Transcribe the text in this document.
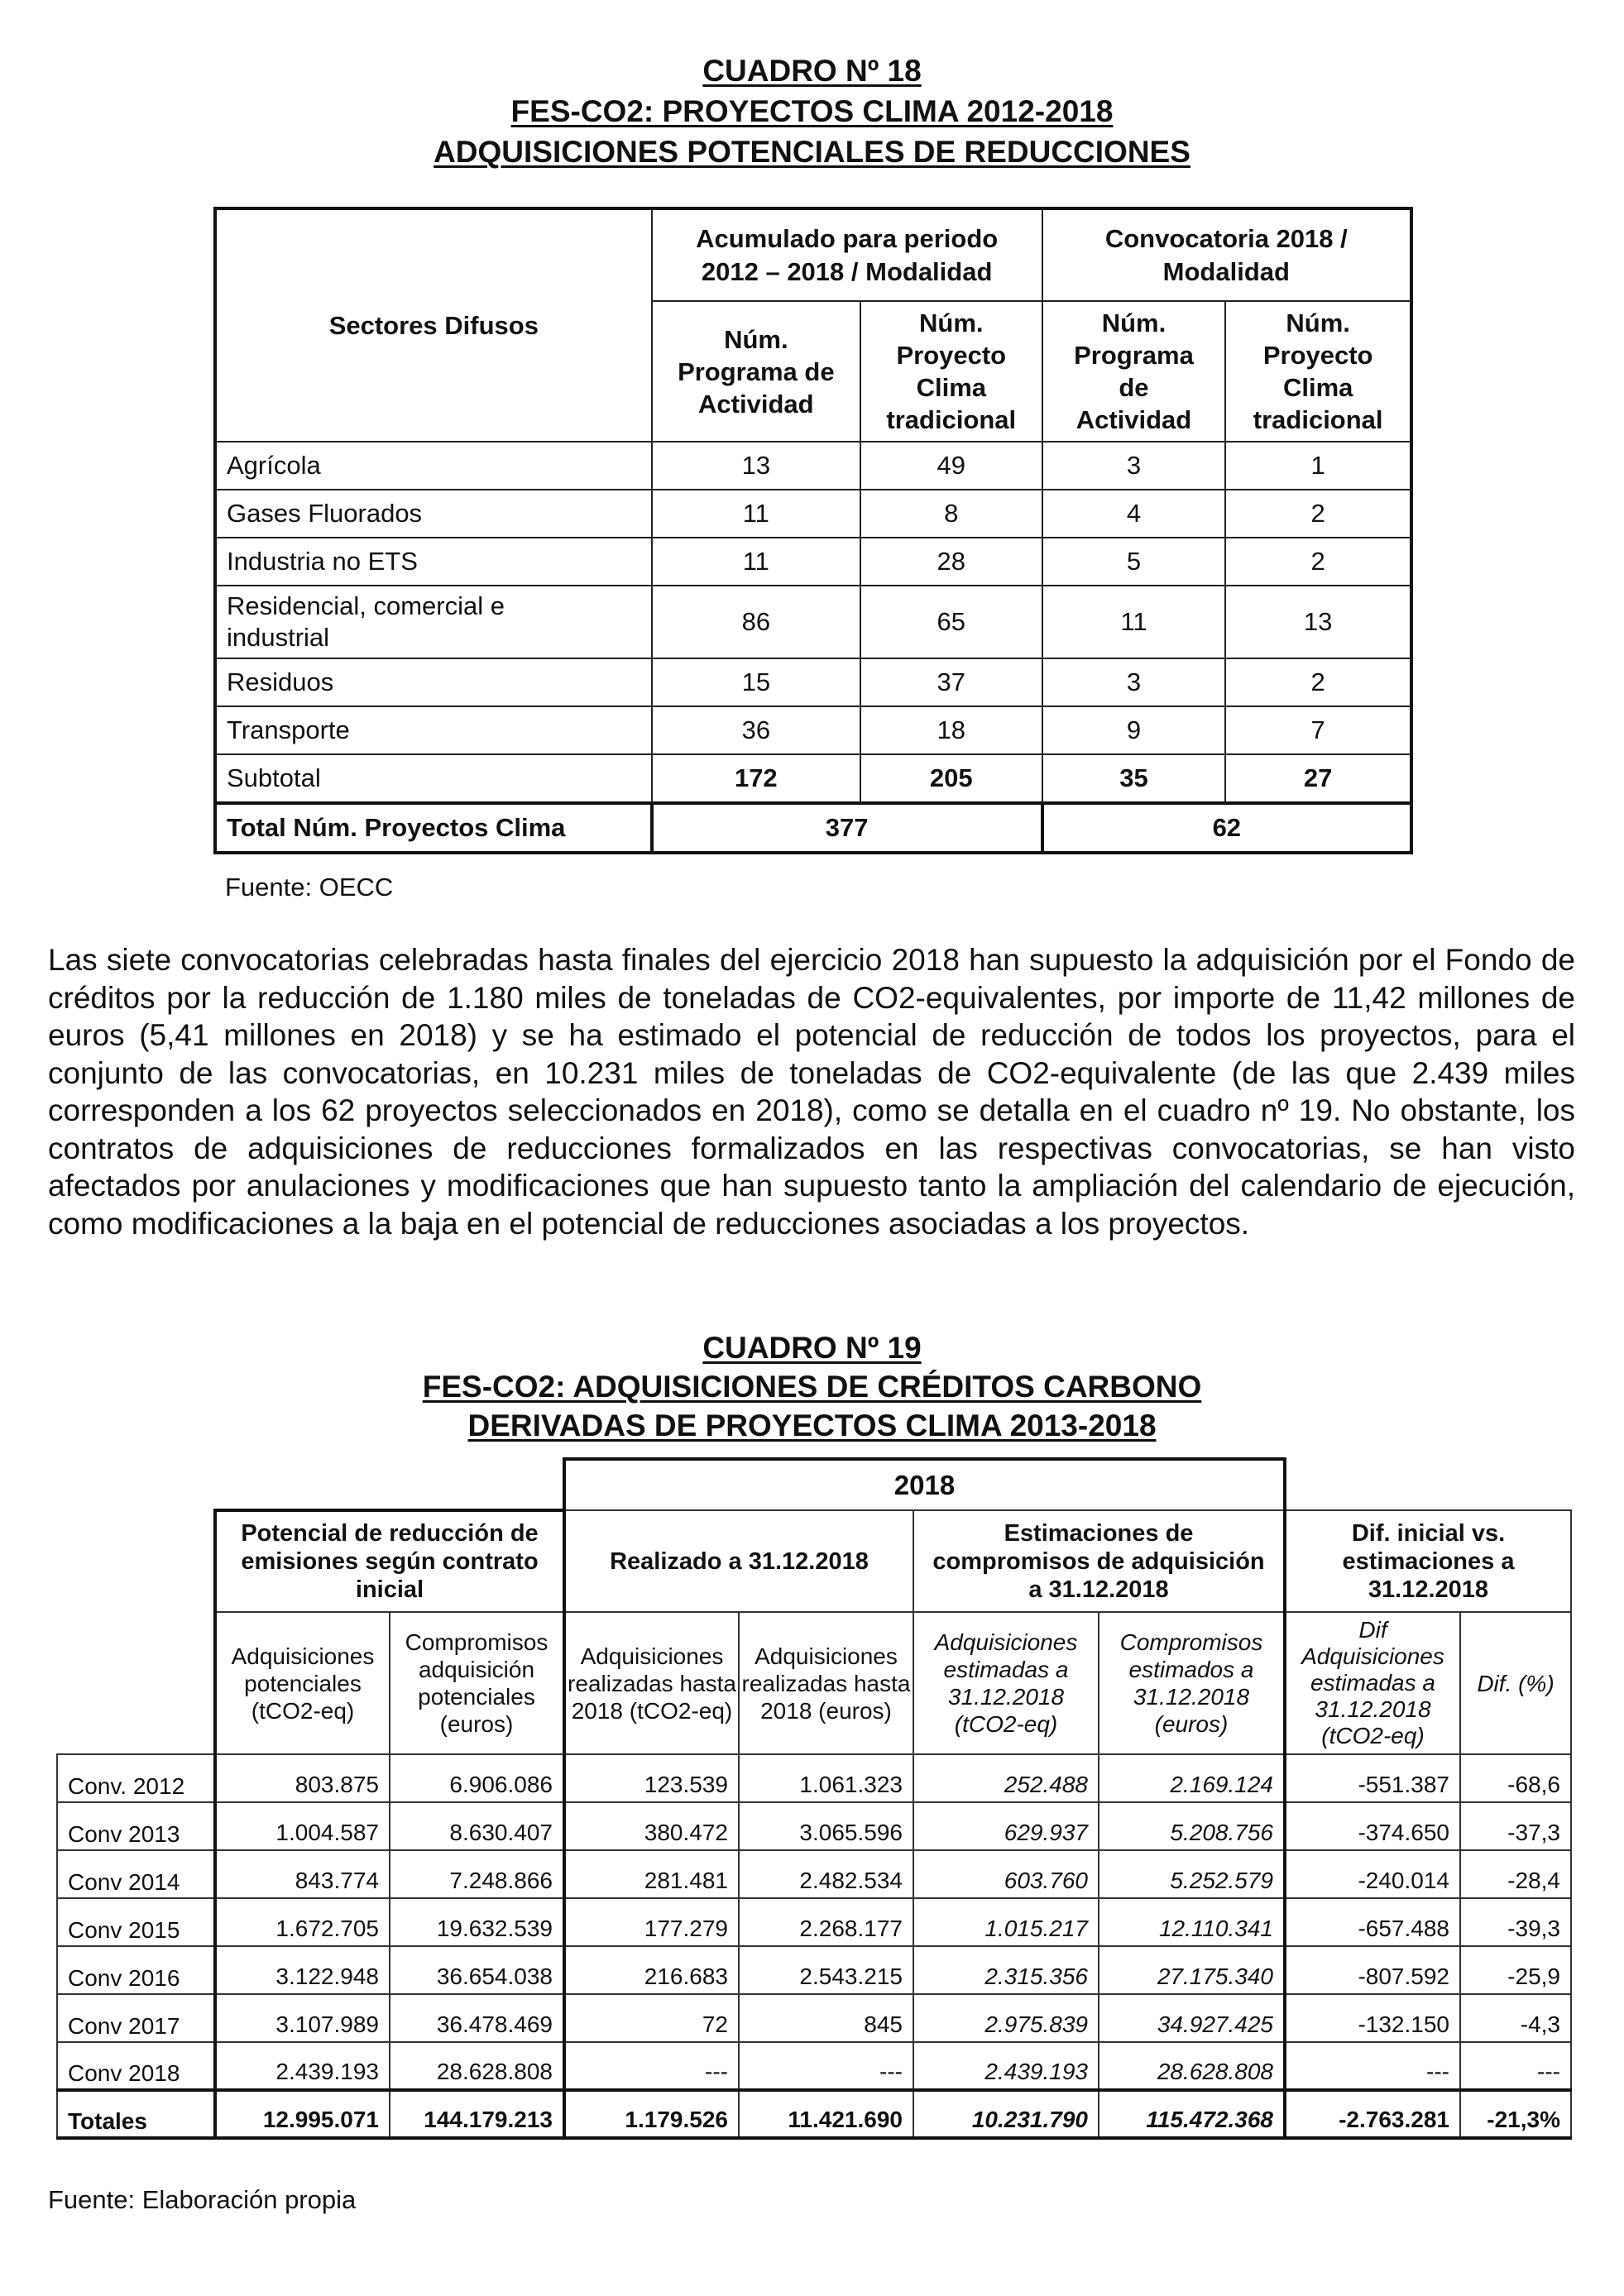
CUADRO Nº 18
FES-CO2: PROYECTOS CLIMA 2012-2018
ADQUISICIONES POTENCIALES DE REDUCCIONES
Sectores Difusos	Acumulado para periodo 2012 – 2018 / Modalidad		Convocatoria 2018 / Modalidad	
	Núm. Programa de Actividad	Núm. Proyecto Clima tradicional	Núm. Programa de Actividad	Núm. Proyecto Clima tradicional
Agrícola	13	49	3	1
Gases Fluorados	11	8	4	2
Industria no ETS	11	28	5	2
Residencial, comercial e industrial	86	65	11	13
Residuos	15	37	3	2
Transporte	36	18	9	7
Subtotal	172	205	35	27
Total Núm. Proyectos Clima	377		62	
Fuente: OECC
Las siete convocatorias celebradas hasta finales del ejercicio 2018 han supuesto la adquisición por el Fondo de créditos por la reducción de 1.180 miles de toneladas de CO2-equivalentes, por importe de 11,42 millones de euros (5,41 millones en 2018) y se ha estimado el potencial de reducción de todos los proyectos, para el conjunto de las convocatorias, en 10.231 miles de toneladas de CO2-equivalente (de las que 2.439 miles corresponden a los 62 proyectos seleccionados en 2018), como se detalla en el cuadro nº 19. No obstante, los contratos de adquisiciones de reducciones formalizados en las respectivas convocatorias, se han visto afectados por anulaciones y modificaciones que han supuesto tanto la ampliación del calendario de ejecución, como modificaciones a la baja en el potencial de reducciones asociadas a los proyectos.
CUADRO Nº 19
FES-CO2: ADQUISICIONES DE CRÉDITOS CARBONO
DERIVADAS DE PROYECTOS CLIMA 2013-2018
			2018					
	Potencial de reducción de emisiones según contrato inicial		Realizado a 31.12.2018		Estimaciones de compromisos de adquisición a 31.12.2018		Dif. inicial vs. estimaciones a 31.12.2018	
	Adquisiciones potenciales (tCO2-eq)	Compromisos adquisición potenciales (euros)	Adquisiciones realizadas hasta 2018 (tCO2-eq)	Adquisiciones realizadas hasta 2018 (euros)	Adquisiciones estimadas a 31.12.2018 (tCO2-eq)	Compromisos estimados a 31.12.2018 (euros)	Dif Adquisiciones estimadas a 31.12.2018 (tCO2-eq)	Dif. (%)
Conv. 2012	803.875	6.906.086	123.539	1.061.323	252.488	2.169.124	-551.387	-68,6
Conv 2013	1.004.587	8.630.407	380.472	3.065.596	629.937	5.208.756	-374.650	-37,3
Conv 2014	843.774	7.248.866	281.481	2.482.534	603.760	5.252.579	-240.014	-28,4
Conv 2015	1.672.705	19.632.539	177.279	2.268.177	1.015.217	12.110.341	-657.488	-39,3
Conv 2016	3.122.948	36.654.038	216.683	2.543.215	2.315.356	27.175.340	-807.592	-25,9
Conv 2017	3.107.989	36.478.469	72	845	2.975.839	34.927.425	-132.150	-4,3
Conv 2018	2.439.193	28.628.808	---	---	2.439.193	28.628.808	---	---
Totales	12.995.071	144.179.213	1.179.526	11.421.690	10.231.790	115.472.368	-2.763.281	-21,3%
Fuente: Elaboración propia
